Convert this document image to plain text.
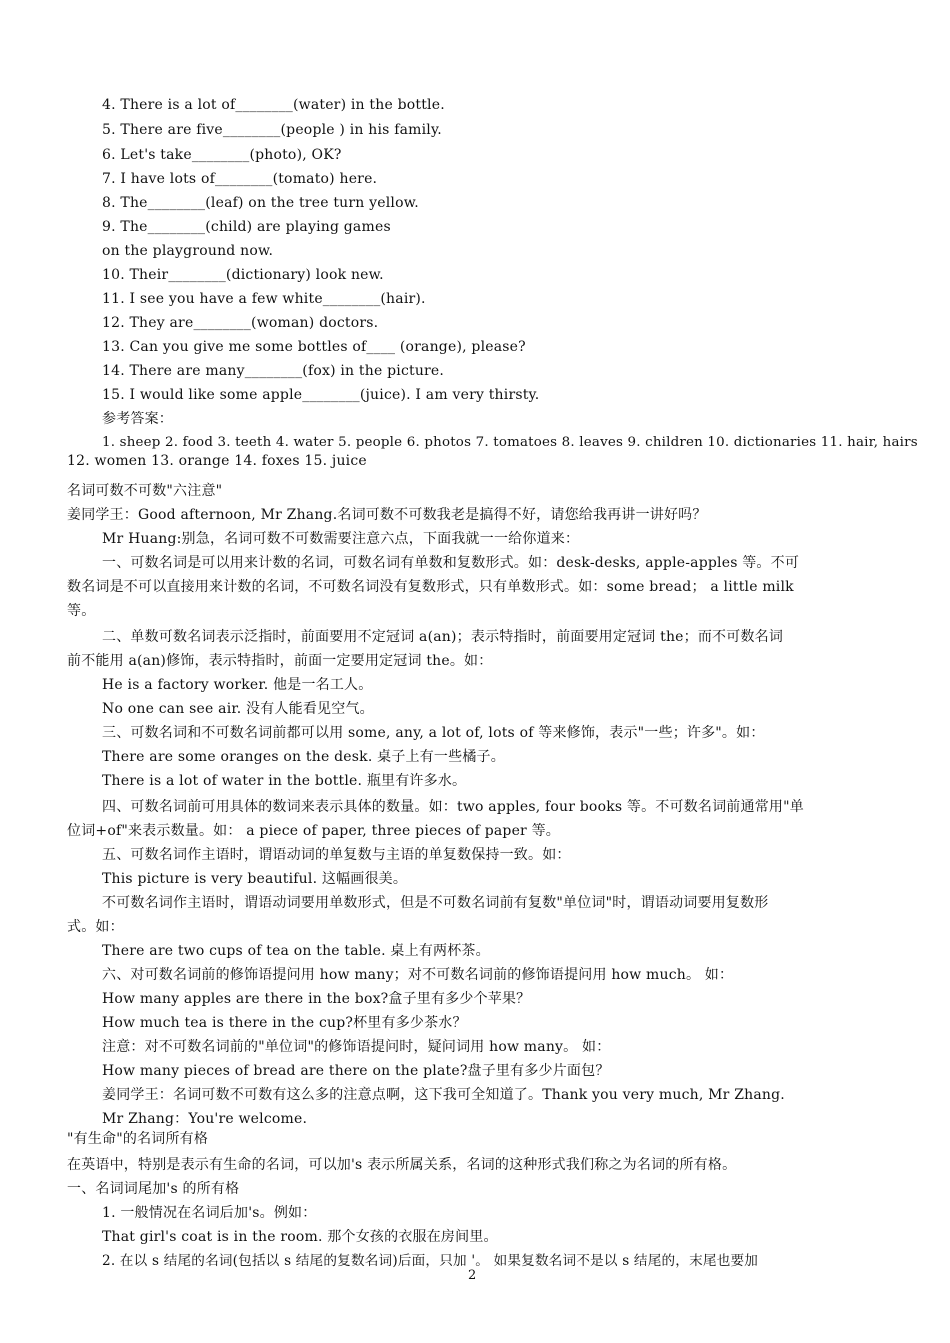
4. There is a lot of________(water) in the bottle.
5. There are five________(people ) in his family.
6. Let's take________(photo), OK?
7. I have lots of________(tomato) here.
8. The________(leaf) on the tree turn yellow.
9. The________(child) are playing games
on the playground now.
10. Their________(dictionary) look new.
11. I see you have a few white________(hair).
12. They are________(woman) doctors.
13. Can you give me some bottles of____ (orange), please?
14. There are many________(fox) in the picture.
15. I would like some apple________(juice). I am very thirsty.
参考答案：
1. sheep 2. food 3. teeth 4. water 5. people 6. photos 7. tomatoes 8. leaves 9. children 10. dictionaries 11. hair, hairs
12. women 13. orange 14. foxes 15. juice
名词可数不可数"六注意"
姜同学王：Good afternoon, Mr Zhang.名词可数不可数我老是搞得不好，请您给我再讲一讲好吗？
Mr Huang:别急，名词可数不可数需要注意六点，下面我就一一给你道来：
一、可数名词是可以用来计数的名词，可数名词有单数和复数形式。如：desk-desks, apple-apples 等。不可
数名词是不可以直接用来计数的名词，不可数名词没有复数形式，只有单数形式。如：some bread； a little milk
等。
二、单数可数名词表示泛指时，前面要用不定冠词 a(an)；表示特指时，前面要用定冠词 the；而不可数名词
前不能用 a(an)修饰，表示特指时，前面一定要用定冠词 the。如：
He is a factory worker. 他是一名工人。
No one can see air. 没有人能看见空气。
三、可数名词和不可数名词前都可以用 some, any, a lot of, lots of 等来修饰，表示"一些；许多"。如：
There are some oranges on the desk. 桌子上有一些橘子。
There is a lot of water in the bottle. 瓶里有许多水。
四、可数名词前可用具体的数词来表示具体的数量。如：two apples, four books 等。不可数名词前通常用"单
位词+of"来表示数量。如： a piece of paper, three pieces of paper 等。
五、可数名词作主语时，谓语动词的单复数与主语的单复数保持一致。如：
This picture is very beautiful. 这幅画很美。
不可数名词作主语时，谓语动词要用单数形式，但是不可数名词前有复数"单位词"时，谓语动词要用复数形
式。如：
There are two cups of tea on the table. 桌上有两杯茶。
六、对可数名词前的修饰语提问用 how many；对不可数名词前的修饰语提问用 how much。 如：
How many apples are there in the box?盒子里有多少个苹果？
How much tea is there in the cup?杯里有多少茶水？
注意：对不可数名词前的"单位词"的修饰语提问时，疑问词用 how many。 如：
How many pieces of bread are there on the plate?盘子里有多少片面包？
姜同学王：名词可数不可数有这么多的注意点啊，这下我可全知道了。Thank you very much, Mr Zhang.
Mr Zhang：You're welcome.
"有生命"的名词所有格
在英语中，特别是表示有生命的名词，可以加's 表示所属关系，名词的这种形式我们称之为名词的所有格。
一、名词词尾加's 的所有格
1. 一般情况在名词后加's。例如：
That girl's coat is in the room. 那个女孩的衣服在房间里。
2. 在以 s 结尾的名词(包括以 s 结尾的复数名词)后面，只加 '。 如果复数名词不是以 s 结尾的，末尾也要加
2
